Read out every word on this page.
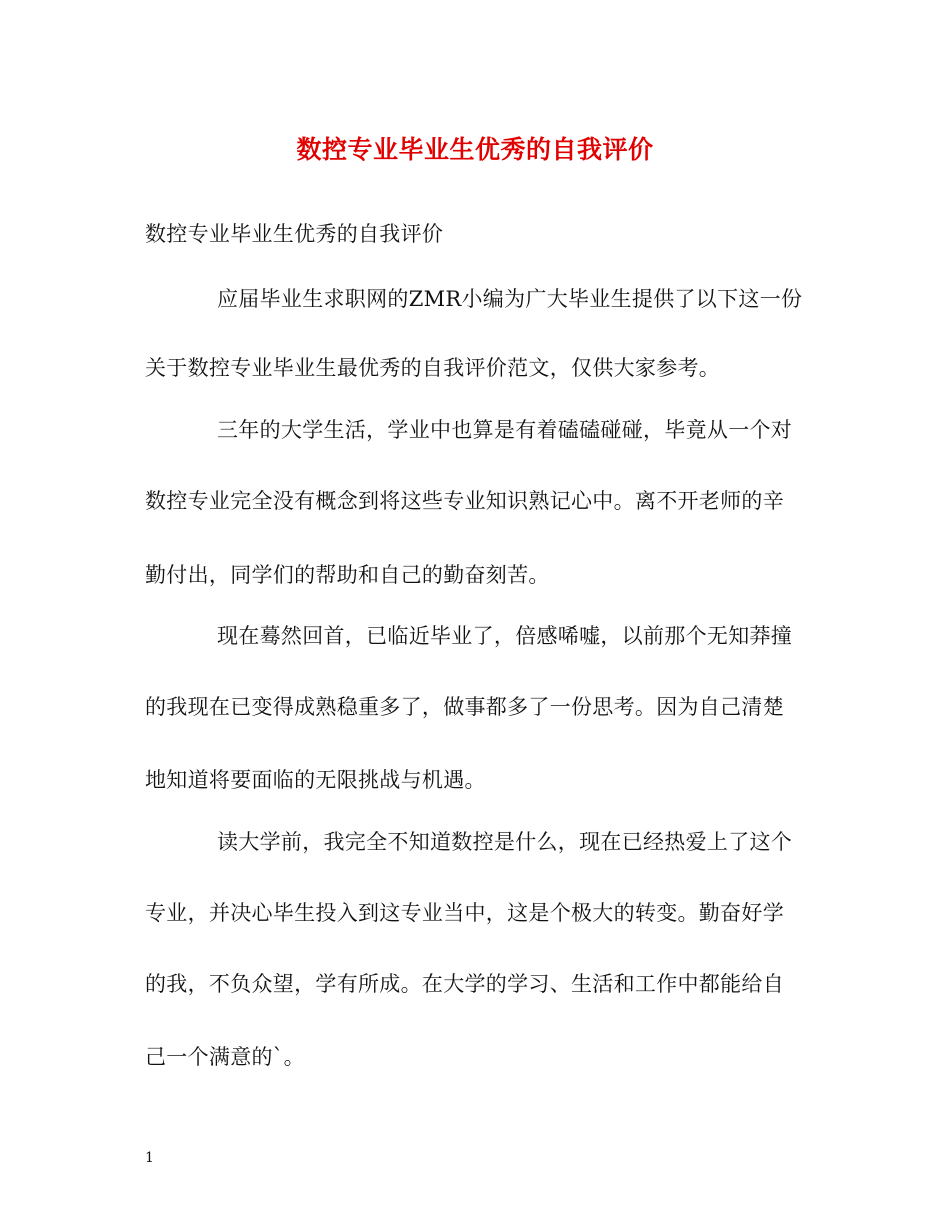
数控专业毕业生优秀的自我评价
数控专业毕业生优秀的自我评价
应届毕业生求职网的ZMR小编为广大毕业生提供了以下这一份
关于数控专业毕业生最优秀的自我评价范文，仅供大家参考。
三年的大学生活，学业中也算是有着磕磕碰碰，毕竟从一个对
数控专业完全没有概念到将这些专业知识熟记心中。离不开老师的辛
勤付出，同学们的帮助和自己的勤奋刻苦。
现在蓦然回首，已临近毕业了，倍感唏嘘，以前那个无知莽撞
的我现在已变得成熟稳重多了，做事都多了一份思考。因为自己清楚
地知道将要面临的无限挑战与机遇。
读大学前，我完全不知道数控是什么，现在已经热爱上了这个
专业，并决心毕生投入到这专业当中，这是个极大的转变。勤奋好学
的我，不负众望，学有所成。在大学的学习、生活和工作中都能给自
己一个满意的`。
1
